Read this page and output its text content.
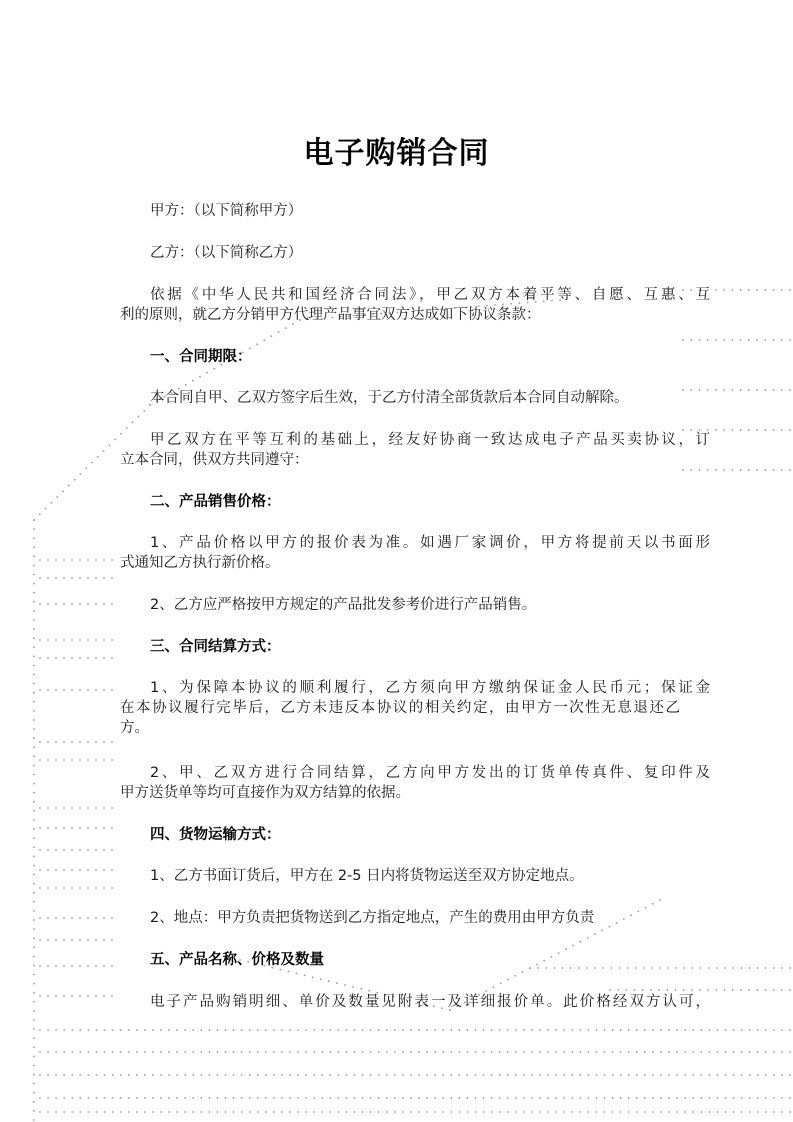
电子购销合同
甲方：（以下简称甲方）
乙方：（以下简称乙方）
依据《中华人民共和国经济合同法》，甲乙双方本着平等、自愿、互惠、互
利的原则，就乙方分销甲方代理产品事宜双方达成如下协议条款：
一、合同期限：
本合同自甲、乙双方签字后生效，于乙方付清全部货款后本合同自动解除。
甲乙双方在平等互利的基础上，经友好协商一致达成电子产品买卖协议，订
立本合同，供双方共同遵守：
二、产品销售价格：
1、产品价格以甲方的报价表为准。如遇厂家调价，甲方将提前天以书面形
式通知乙方执行新价格。
2、乙方应严格按甲方规定的产品批发参考价进行产品销售。
三、合同结算方式：
1、为保障本协议的顺利履行，乙方须向甲方缴纳保证金人民币元；保证金
在本协议履行完毕后，乙方未违反本协议的相关约定，由甲方一次性无息退还乙
方。
2、甲、乙双方进行合同结算，乙方向甲方发出的订货单传真件、复印件及
甲方送货单等均可直接作为双方结算的依据。
四、货物运输方式：
1、乙方书面订货后，甲方在 2-5 日内将货物运送至双方协定地点。
2、地点：甲方负责把货物送到乙方指定地点，产生的费用由甲方负责
五、产品名称、价格及数量
电子产品购销明细、单价及数量见附表一及详细报价单。此价格经双方认可，
